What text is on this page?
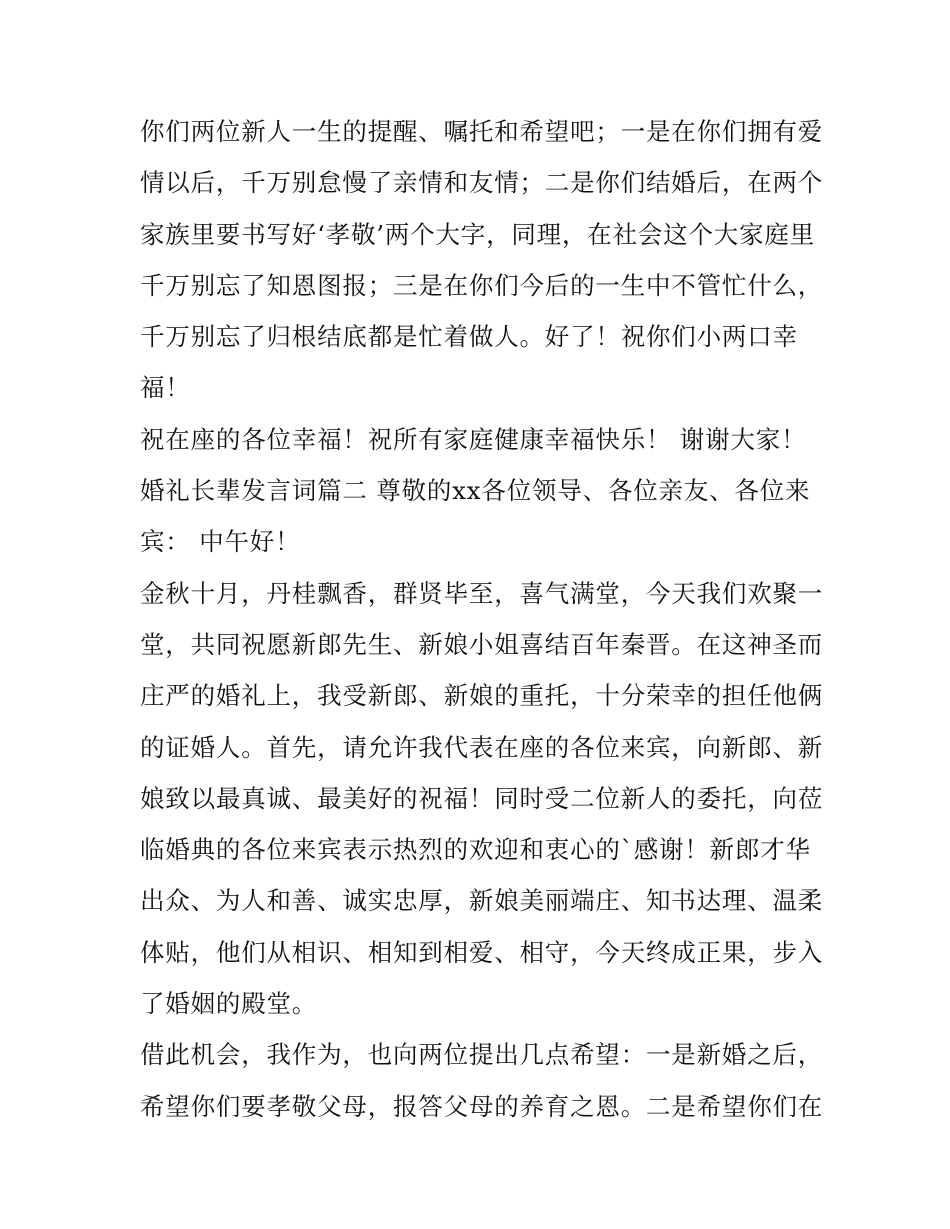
你们两位新人一生的提醒、嘱托和希望吧；一是在你们拥有爱
情以后，千万别怠慢了亲情和友情；二是你们结婚后，在两个
家族里要书写好‘孝敬’两个大字，同理，在社会这个大家庭里
千万别忘了知恩图报；三是在你们今后的一生中不管忙什么，
千万别忘了归根结底都是忙着做人。好了！祝你们小两口幸
福！
祝在座的各位幸福！祝所有家庭健康幸福快乐！ 谢谢大家！
婚礼长辈发言词篇二 尊敬的xx各位领导、各位亲友、各位来
宾： 中午好！
金秋十月，丹桂飘香，群贤毕至，喜气满堂，今天我们欢聚一
堂，共同祝愿新郎先生、新娘小姐喜结百年秦晋。在这神圣而
庄严的婚礼上，我受新郎、新娘的重托，十分荣幸的担任他俩
的证婚人。首先，请允许我代表在座的各位来宾，向新郎、新
娘致以最真诚、最美好的祝福！同时受二位新人的委托，向莅
临婚典的各位来宾表示热烈的欢迎和衷心的`感谢！新郎才华
出众、为人和善、诚实忠厚，新娘美丽端庄、知书达理、温柔
体贴，他们从相识、相知到相爱、相守，今天终成正果，步入
了婚姻的殿堂。
借此机会，我作为，也向两位提出几点希望：一是新婚之后，
希望你们要孝敬父母，报答父母的养育之恩。二是希望你们在
